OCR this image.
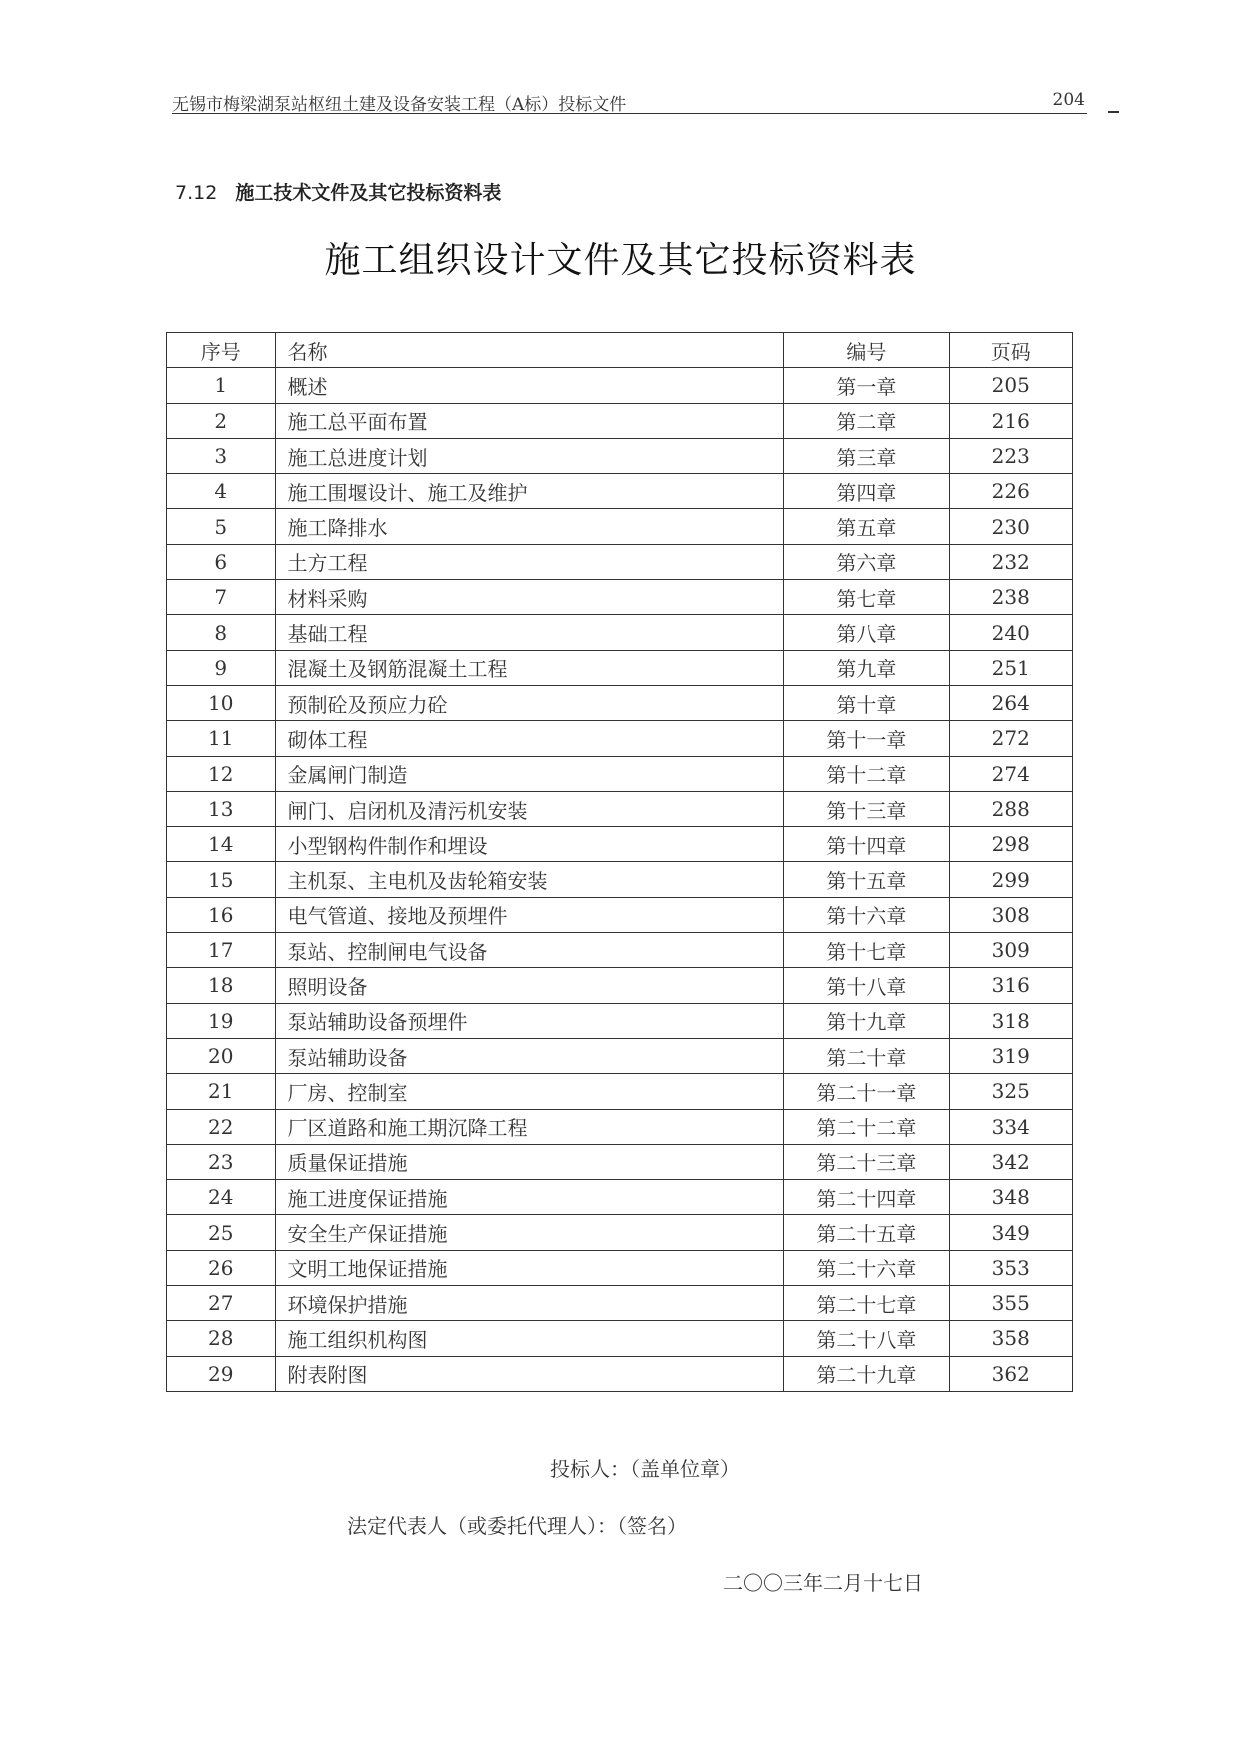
无锡市梅梁湖泵站枢纽土建及设备安装工程（A标）投标文件	204
7.12 施工技术文件及其它投标资料表
施工组织设计文件及其它投标资料表
序号	名称	编号	页码
1	概述	第一章	205
2	施工总平面布置	第二章	216
3	施工总进度计划	第三章	223
4	施工围堰设计、施工及维护	第四章	226
5	施工降排水	第五章	230
6	土方工程	第六章	232
7	材料采购	第七章	238
8	基础工程	第八章	240
9	混凝土及钢筋混凝土工程	第九章	251
10	预制砼及预应力砼	第十章	264
11	砌体工程	第十一章	272
12	金属闸门制造	第十二章	274
13	闸门、启闭机及清污机安装	第十三章	288
14	小型钢构件制作和埋设	第十四章	298
15	主机泵、主电机及齿轮箱安装	第十五章	299
16	电气管道、接地及预埋件	第十六章	308
17	泵站、控制闸电气设备	第十七章	309
18	照明设备	第十八章	316
19	泵站辅助设备预埋件	第十九章	318
20	泵站辅助设备	第二十章	319
21	厂房、控制室	第二十一章	325
22	厂区道路和施工期沉降工程	第二十二章	334
23	质量保证措施	第二十三章	342
24	施工进度保证措施	第二十四章	348
25	安全生产保证措施	第二十五章	349
26	文明工地保证措施	第二十六章	353
27	环境保护措施	第二十七章	355
28	施工组织机构图	第二十八章	358
29	附表附图	第二十九章	362
投标人：（盖单位章）
法定代表人（或委托代理人）：（签名）
二〇〇三年二月十七日
